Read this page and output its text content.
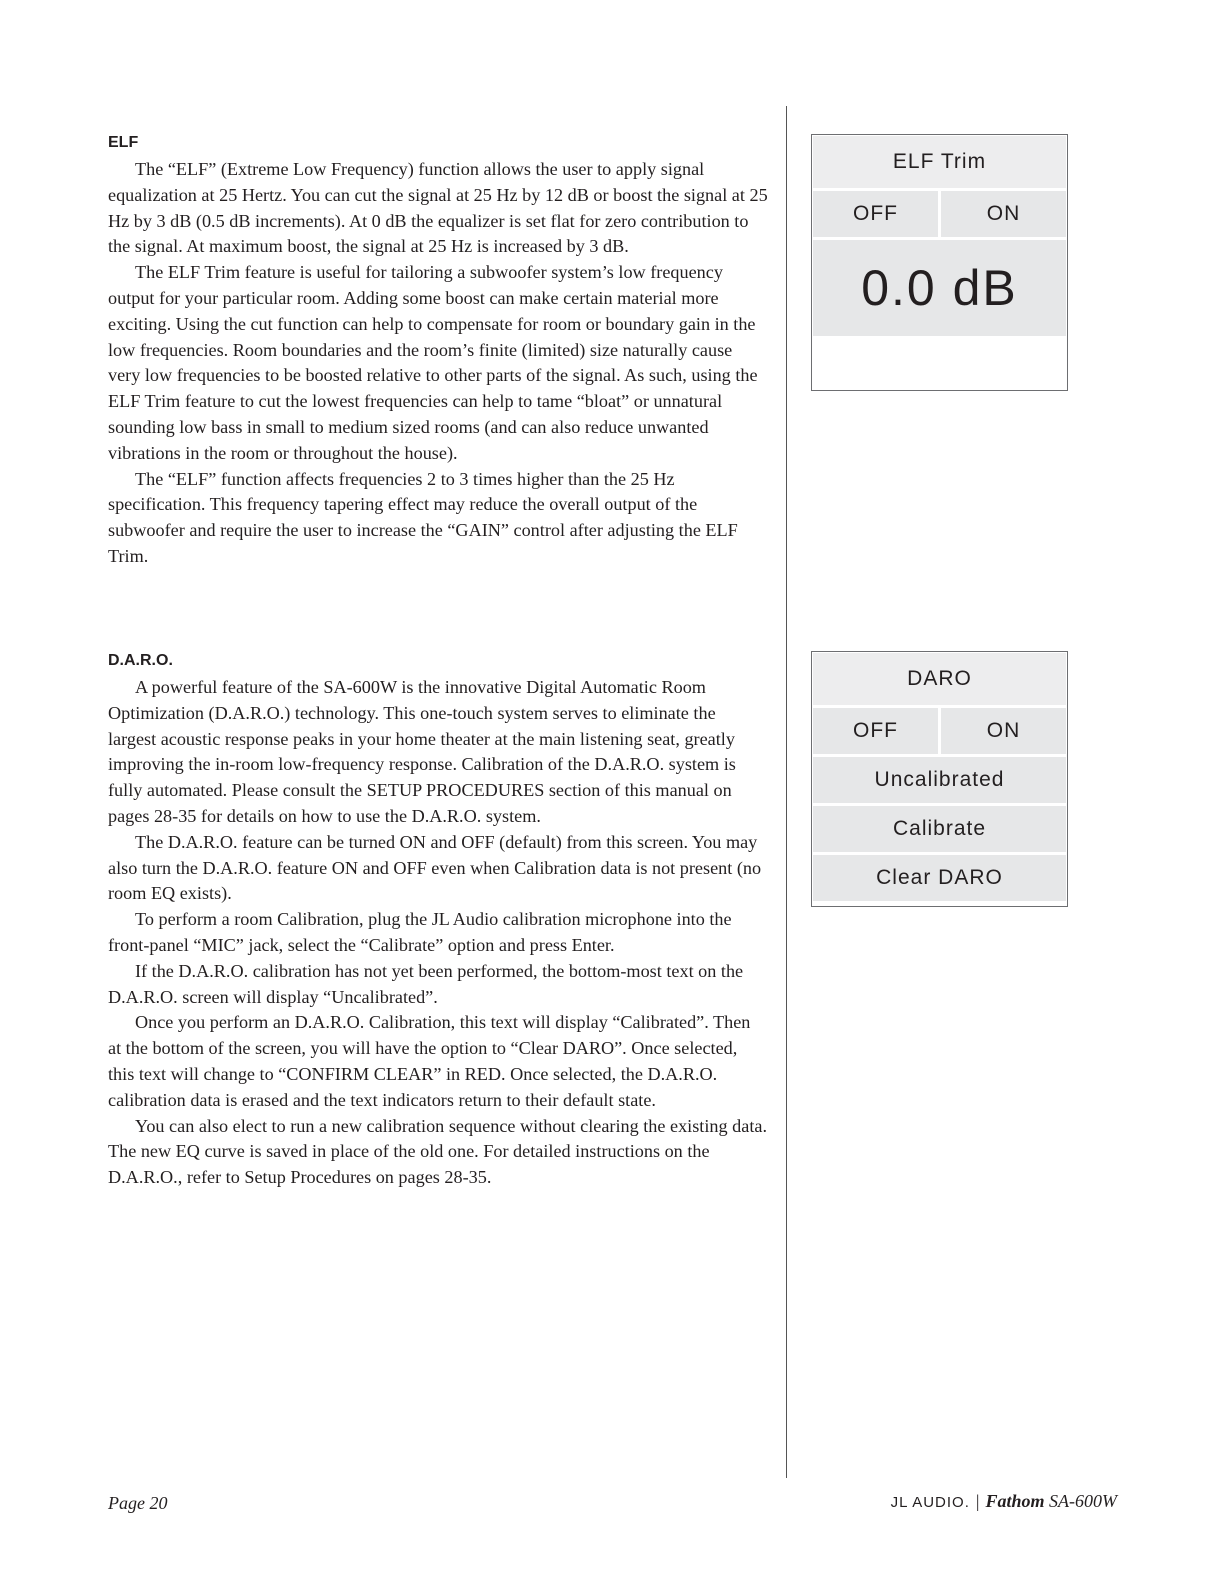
ELF

The “ELF” (Extreme Low Frequency) function allows the user to apply signal equalization at 25 Hertz. You can cut the signal at 25 Hz by 12 dB or boost the signal at 25 Hz by 3 dB (0.5 dB increments). At 0 dB the equalizer is set flat for zero contribution to the signal. At maximum boost, the signal at 25 Hz is increased by 3 dB.

The ELF Trim feature is useful for tailoring a subwoofer system’s low frequency output for your particular room. Adding some boost can make certain material more exciting. Using the cut function can help to compensate for room or boundary gain in the low frequencies. Room boundaries and the room’s finite (limited) size naturally cause very low frequencies to be boosted relative to other parts of the signal. As such, using the ELF Trim feature to cut the lowest frequencies can help to tame “bloat” or unnatural sounding low bass in small to medium sized rooms (and can also reduce unwanted vibrations in the room or throughout the house).

The “ELF” function affects frequencies 2 to 3 times higher than the 25 Hz specification. This frequency tapering effect may reduce the overall output of the subwoofer and require the user to increase the “GAIN” control after adjusting the ELF Trim.

D.A.R.O.

A powerful feature of the SA-600W is the innovative Digital Automatic Room Optimization (D.A.R.O.) technology. This one-touch system serves to eliminate the largest acoustic response peaks in your home theater at the main listening seat, greatly improving the in-room low-frequency response. Calibration of the D.A.R.O. system is fully automated. Please consult the SETUP PROCEDURES section of this manual on pages 28-35 for details on how to use the D.A.R.O. system.

The D.A.R.O. feature can be turned ON and OFF (default) from this screen. You may also turn the D.A.R.O. feature ON and OFF even when Calibration data is not present (no room EQ exists).

To perform a room Calibration, plug the JL Audio calibration microphone into the front-panel “MIC” jack, select the “Calibrate” option and press Enter.

If the D.A.R.O. calibration has not yet been performed, the bottom-most text on the D.A.R.O. screen will display “Uncalibrated”.

Once you perform an D.A.R.O. Calibration, this text will display “Calibrated”. Then at the bottom of the screen, you will have the option to “Clear DARO”. Once selected, this text will change to “CONFIRM CLEAR” in RED. Once selected, the D.A.R.O. calibration data is erased and the text indicators return to their default state.

You can also elect to run a new calibration sequence without clearing the existing data. The new EQ curve is saved in place of the old one. For detailed instructions on the D.A.R.O., refer to Setup Procedures on pages 28-35.

ELF Trim
OFF	ON
0.0 dB
DARO
OFF	ON
Uncalibrated
Calibrate
Clear DARO
Page 20	JL AUDIO. | Fathom SA-600W
